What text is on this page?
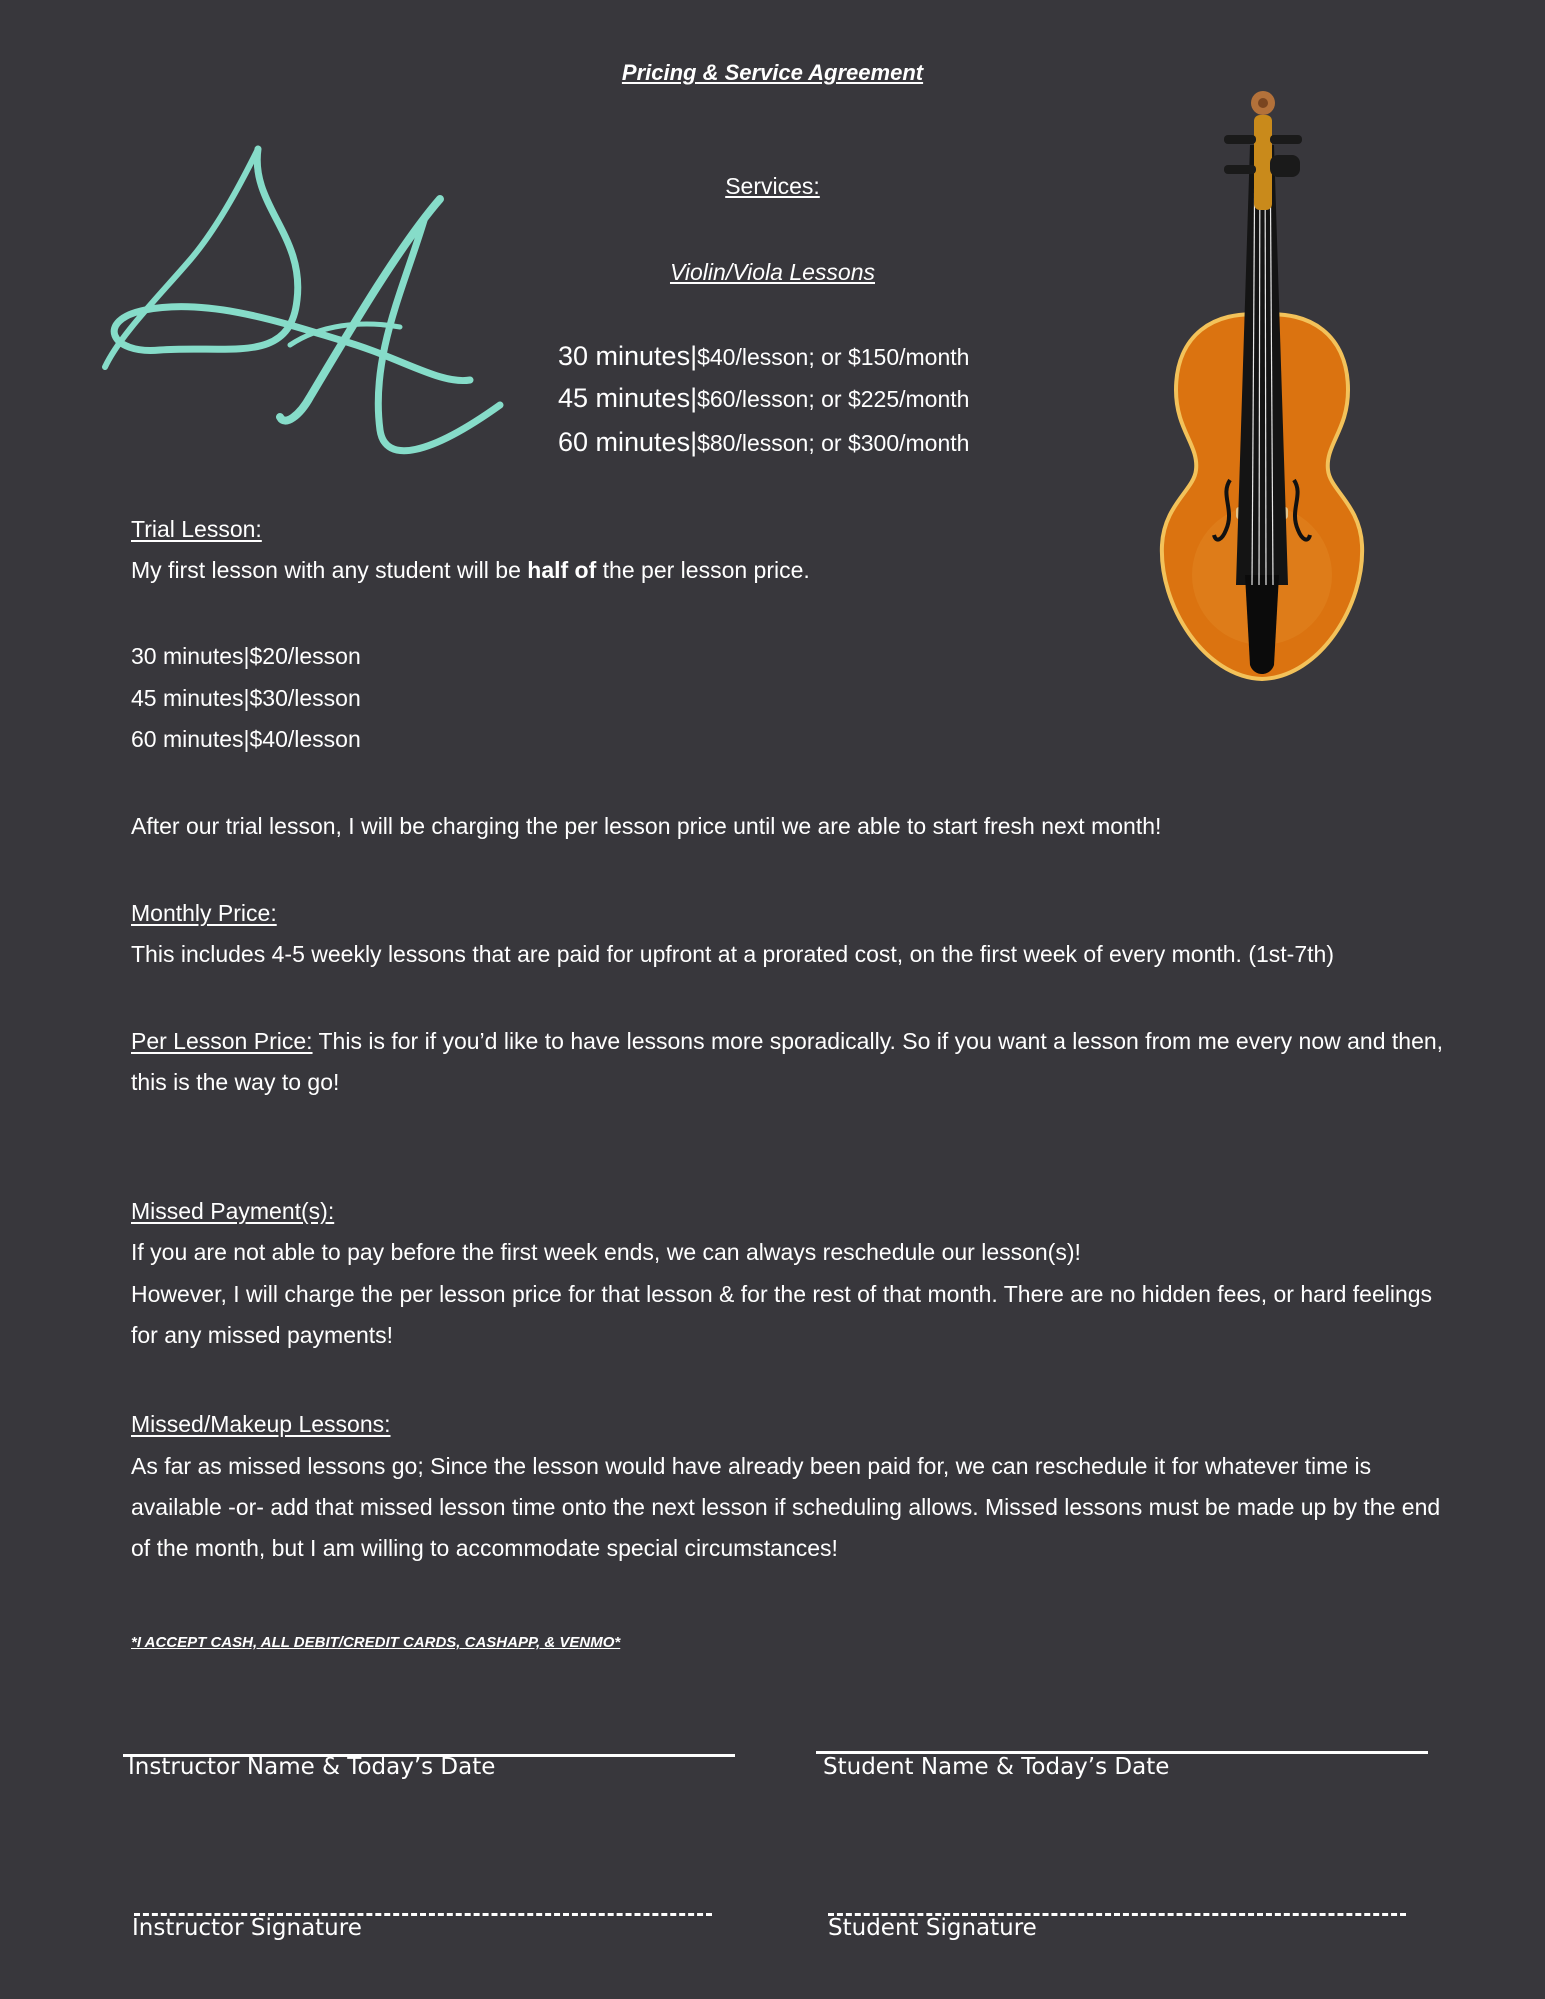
Pricing & Service Agreement
Services:
Violin/Viola Lessons
30 minutes|$40/lesson; or $150/month
45 minutes|$60/lesson; or $225/month
60 minutes|$80/lesson; or $300/month
Trial Lesson:
My first lesson with any student will be half of the per lesson price.
30 minutes|$20/lesson
45 minutes|$30/lesson
60 minutes|$40/lesson
After our trial lesson, I will be charging the per lesson price until we are able to start fresh next month!
Monthly Price:
This includes 4-5 weekly lessons that are paid for upfront at a prorated cost, on the first week of every month. (1st-7th)
Per Lesson Price: This is for if you’d like to have lessons more sporadically. So if you want a lesson from me every now and then, this is the way to go!
Missed Payment(s):
If you are not able to pay before the first week ends, we can always reschedule our lesson(s)!
However, I will charge the per lesson price for that lesson & for the rest of that month. There are no hidden fees, or hard feelings for any missed payments!
Missed/Makeup Lessons:
As far as missed lessons go; Since the lesson would have already been paid for, we can reschedule it for whatever time is available -or- add that missed lesson time onto the next lesson if scheduling allows. Missed lessons must be made up by the end of the month, but I am willing to accommodate special circumstances!
*I ACCEPT CASH, ALL DEBIT/CREDIT CARDS, CASHAPP, & VENMO*
Instructor Name & Today’s Date	Student Name & Today’s Date
Instructor Signature	Student Signature
